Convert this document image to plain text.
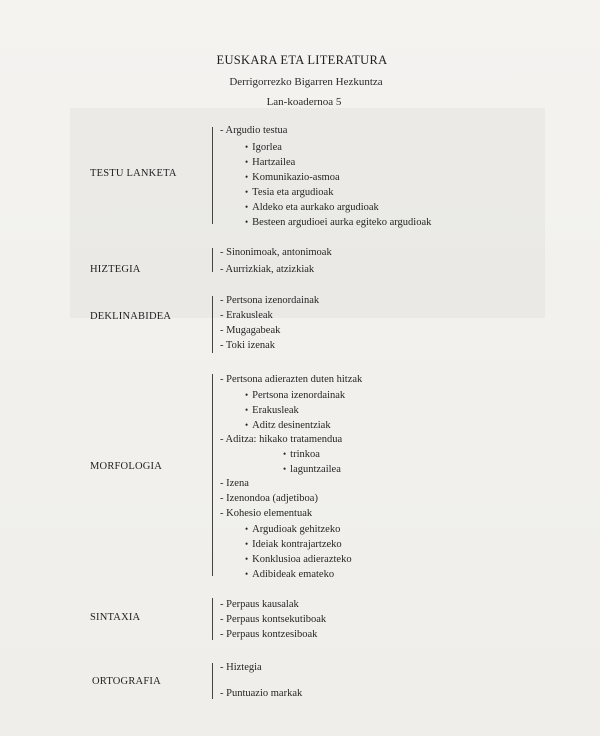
EUSKARA ETA LITERATURA
Derrigorrezko Bigarren Hezkuntza
Lan-koadernoa 5
TESTU LANKETA
- Argudio testua
• Igorlea
• Hartzailea
• Komunikazio-asmoa
• Tesia eta argudioak
• Aldeko eta aurkako argudioak
• Besteen argudioei aurka egiteko argudioak
HIZTEGIA
- Sinonimoak, antonimoak
- Aurrizkiak, atzizkiak
DEKLINABIDEA
- Pertsona izenordainak
- Erakusleak
- Mugagabeak
- Toki izenak
MORFOLOGIA
- Pertsona adierazten duten hitzak
• Pertsona izenordainak
• Erakusleak
• Aditz desinentziak
- Aditza: hikako tratamendua
• trinkoa
• laguntzailea
- Izena
- Izenondoa (adjetiboa)
- Kohesio elementuak
• Argudioak gehitzeko
• Ideiak kontrajartzeko
• Konklusioa adierazteko
• Adibideak emateko
SINTAXIA
- Perpaus kausalak
- Perpaus kontsekutiboak
- Perpaus kontzesiboak
ORTOGRAFIA
- Hiztegia
- Puntuazio markak
